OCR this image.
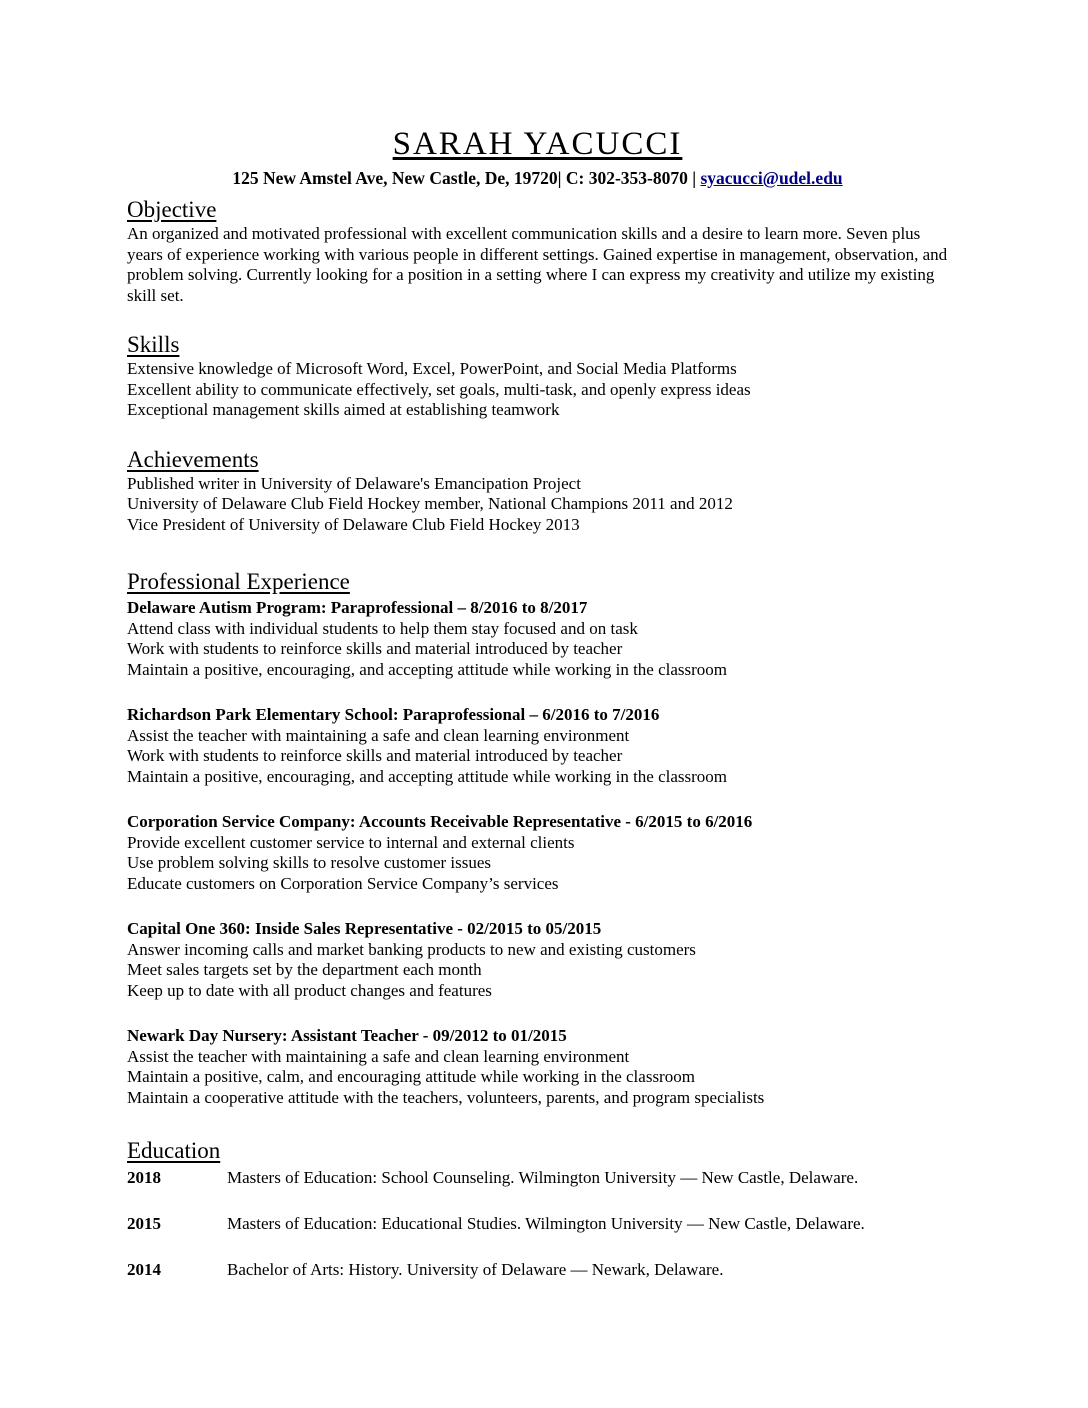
SARAH YACUCCI
125 New Amstel Ave, New Castle, De, 19720| C: 302-353-8070 | syacucci@udel.edu
Objective
An organized and motivated professional with excellent communication skills and a desire to learn more. Seven plus years of experience working with various people in different settings. Gained expertise in management, observation, and problem solving. Currently looking for a position in a setting where I can express my creativity and utilize my existing skill set.
Skills
Extensive knowledge of Microsoft Word, Excel, PowerPoint, and Social Media Platforms
Excellent ability to communicate effectively, set goals, multi-task, and openly express ideas
Exceptional management skills aimed at establishing teamwork
Achievements
Published writer in University of Delaware's Emancipation Project
University of Delaware Club Field Hockey member, National Champions 2011 and 2012
Vice President of University of Delaware Club Field Hockey 2013
Professional Experience
Delaware Autism Program: Paraprofessional – 8/2016 to 8/2017
Attend class with individual students to help them stay focused and on task
Work with students to reinforce skills and material introduced by teacher
Maintain a positive, encouraging, and accepting attitude while working in the classroom
Richardson Park Elementary School: Paraprofessional – 6/2016 to 7/2016
Assist the teacher with maintaining a safe and clean learning environment
Work with students to reinforce skills and material introduced by teacher
Maintain a positive, encouraging, and accepting attitude while working in the classroom
Corporation Service Company: Accounts Receivable Representative - 6/2015 to 6/2016
Provide excellent customer service to internal and external clients
Use problem solving skills to resolve customer issues
Educate customers on Corporation Service Company’s services
Capital One 360: Inside Sales Representative - 02/2015 to 05/2015
Answer incoming calls and market banking products to new and existing customers
Meet sales targets set by the department each month
Keep up to date with all product changes and features
Newark Day Nursery: Assistant Teacher - 09/2012 to 01/2015
Assist the teacher with maintaining a safe and clean learning environment
Maintain a positive, calm, and encouraging attitude while working in the classroom
Maintain a cooperative attitude with the teachers, volunteers, parents, and program specialists
Education
2018	Masters of Education: School Counseling. Wilmington University — New Castle, Delaware.
2015	Masters of Education: Educational Studies. Wilmington University — New Castle, Delaware.
2014	Bachelor of Arts: History. University of Delaware — Newark, Delaware.
